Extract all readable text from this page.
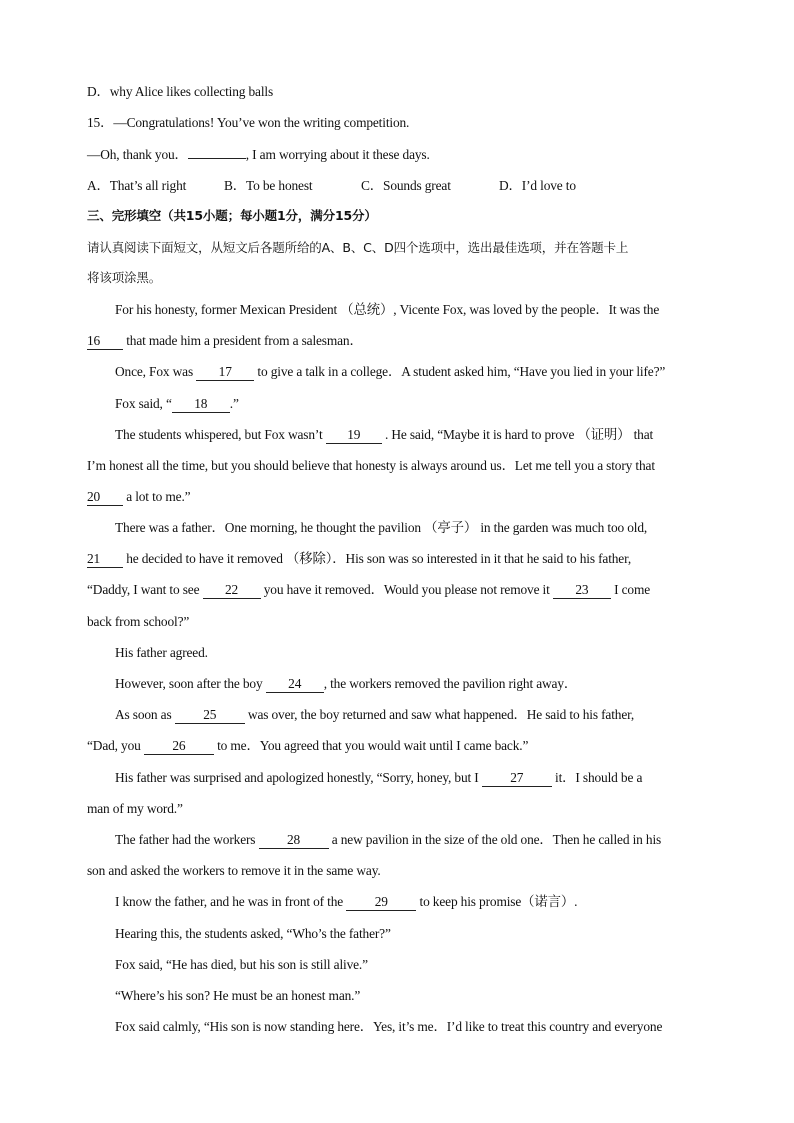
D．why Alice likes collecting balls
15．—Congratulations! You’ve won the writing competition.
—Oh, thank you．	, I am worrying about it these days.
A．That’s all right	B．To be honest	C．Sounds great	D．I’d love to
三、完形填空（共15小题；每小题1分，满分15分）
请认真阅读下面短文，从短文后各题所给的A、B、C、D四个选项中，选出最佳选项，并在答题卡上
将该项涂黑。
For his honesty, former Mexican President （总统）, Vicente Fox, was loved by the people．It was the
16 that made him a president from a salesman．
Once, Fox was 17 to give a talk in a college．A student asked him, “Have you lied in your life?”
Fox said, “ 18 .”
The students whispered, but Fox wasn’t 19 . He said, “Maybe it is hard to prove （证明） that
I’m honest all the time, but you should believe that honesty is always around us．Let me tell you a story that
20 a lot to me.”
There was a father．One morning, he thought the pavilion （亭子） in the garden was much too old,
21 he decided to have it removed （移除）．His son was so interested in it that he said to his father,
“Daddy, I want to see 22 you have it removed．Would you please not remove it 23 I come
back from school?”
His father agreed.
However, soon after the boy 24 , the workers removed the pavilion right away．
As soon as 25 was over, the boy returned and saw what happened．He said to his father,
“Dad, you 26 to me．You agreed that you would wait until I came back.”
His father was surprised and apologized honestly, “Sorry, honey, but I 27 it．I should be a
man of my word.”
The father had the workers 28 a new pavilion in the size of the old one．Then he called in his
son and asked the workers to remove it in the same way.
I know the father, and he was in front of the 29 to keep his promise（诺言）.
Hearing this, the students asked, “Who’s the father?”
Fox said, “He has died, but his son is still alive.”
“Where’s his son? He must be an honest man.”
Fox said calmly, “His son is now standing here．Yes, it’s me．I’d like to treat this country and everyone
